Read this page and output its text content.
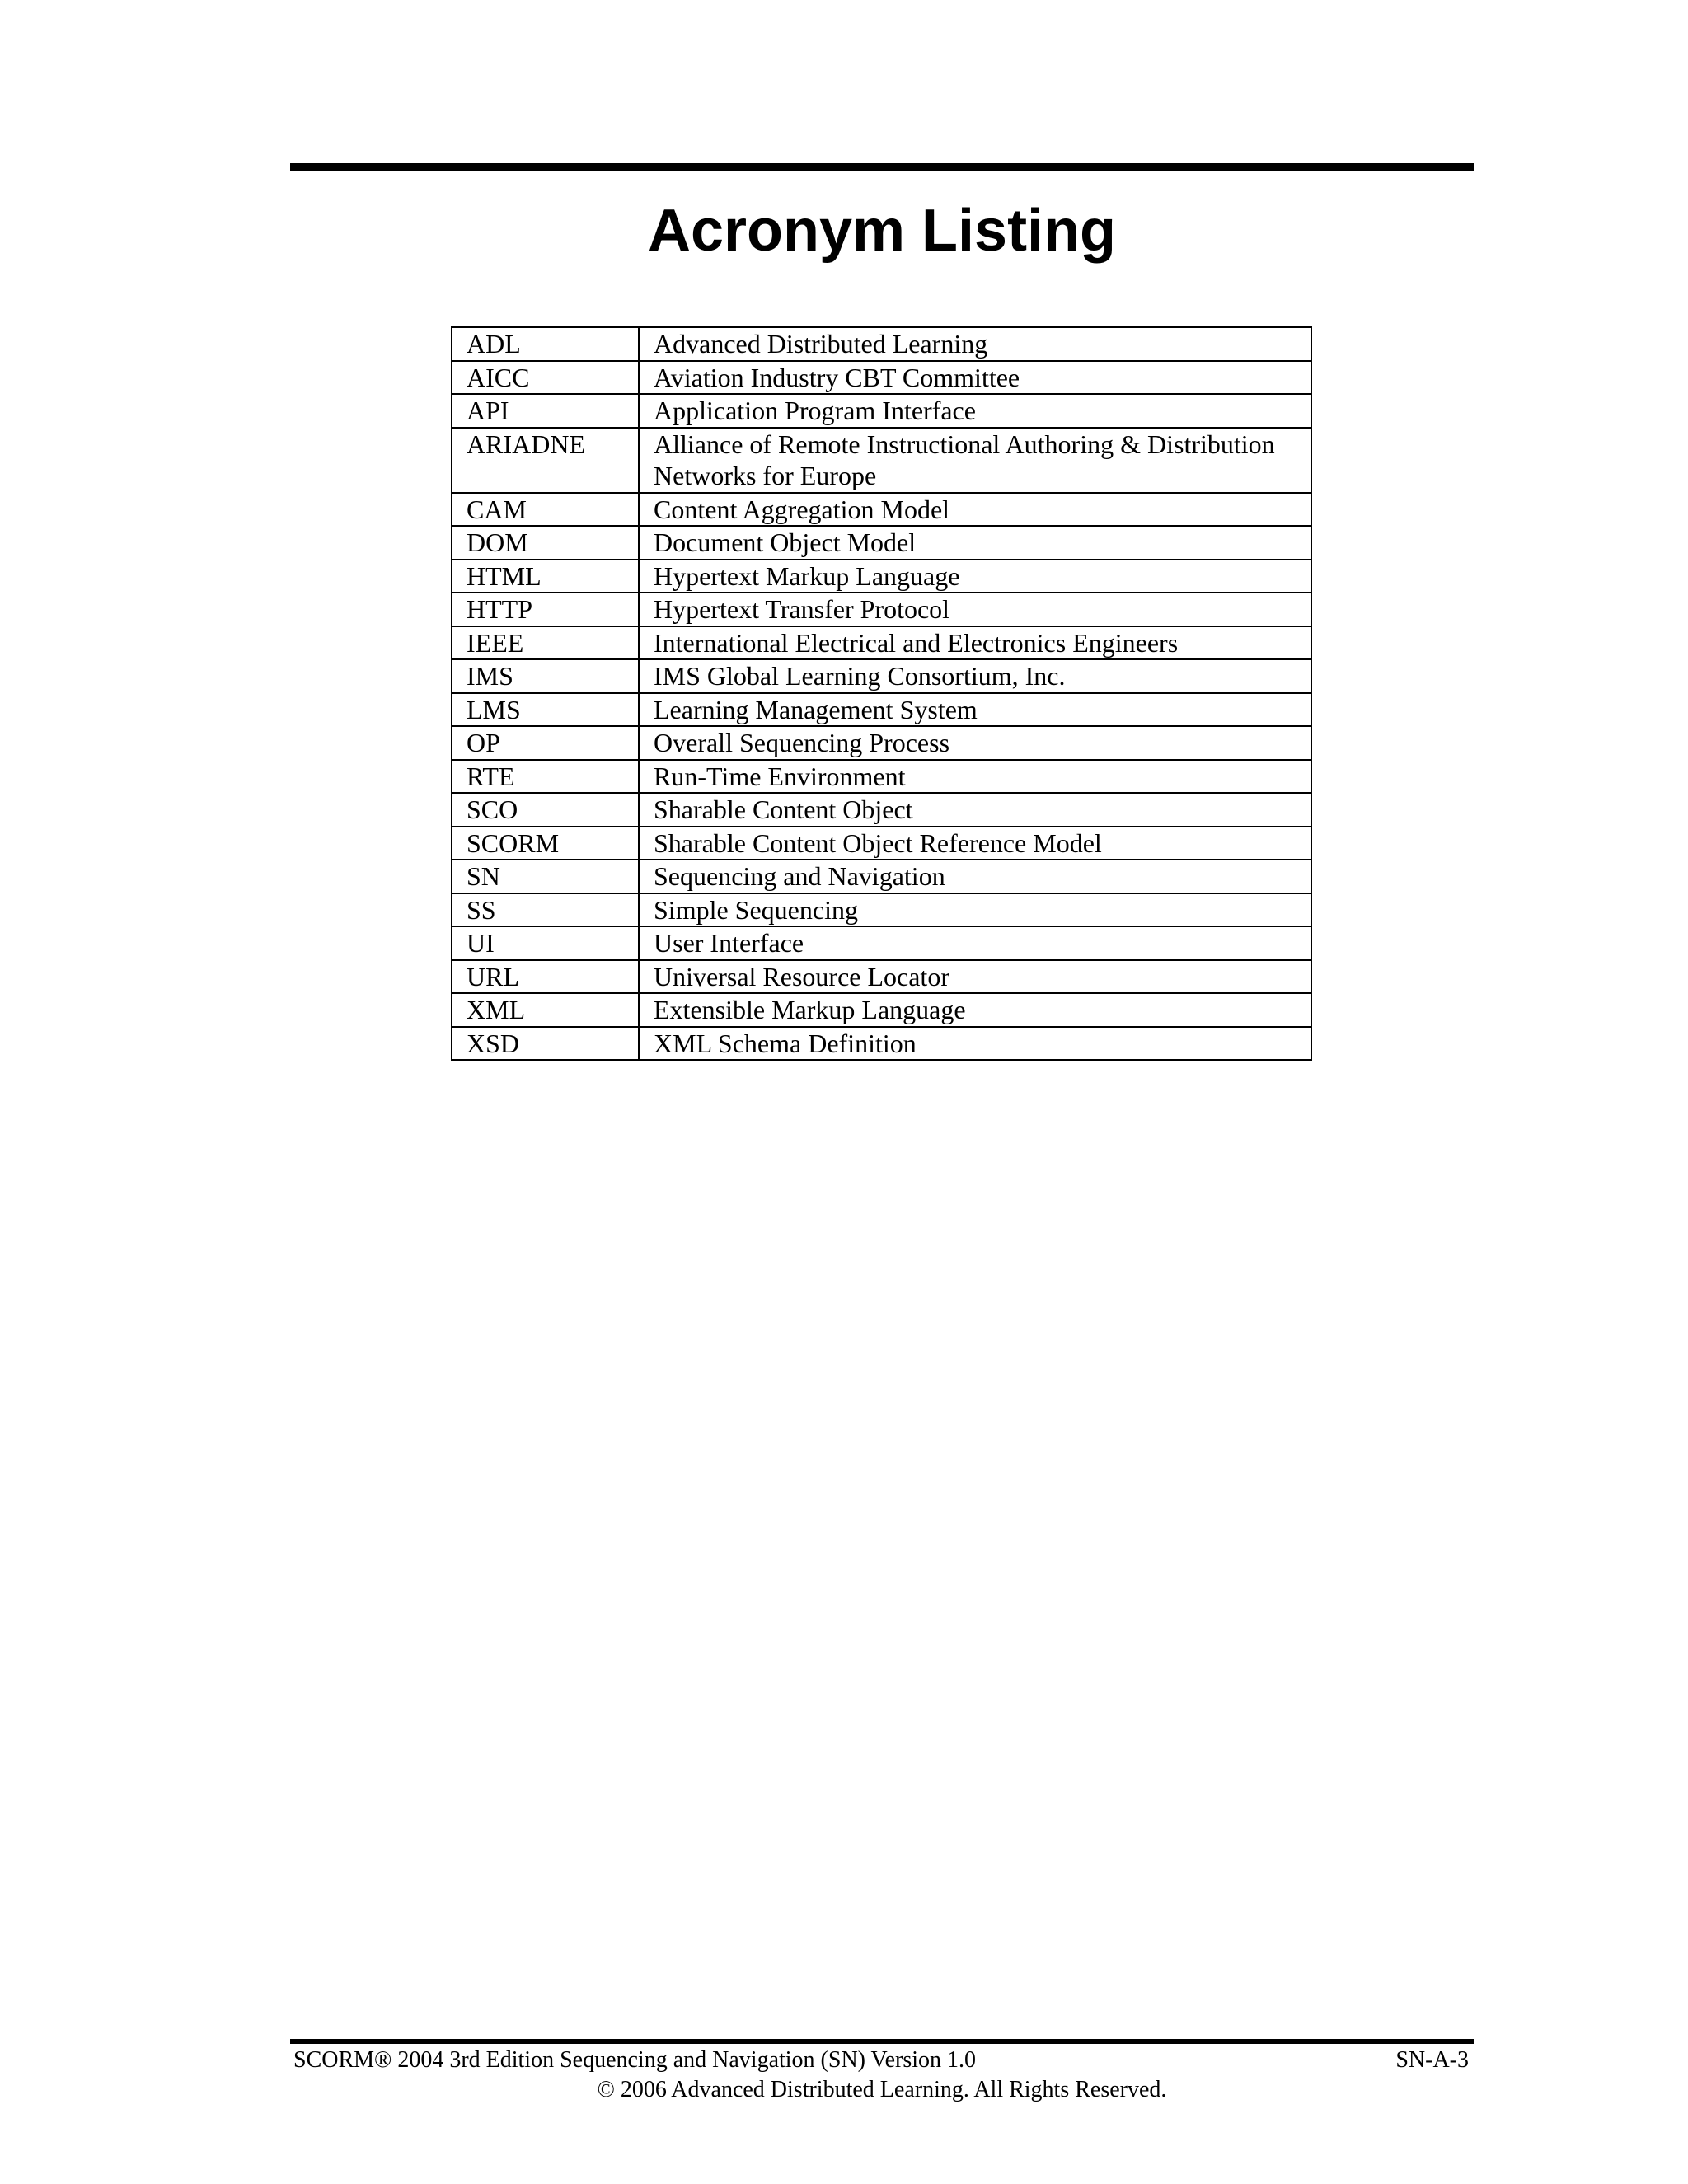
Acronym Listing
ADL	Advanced Distributed Learning
AICC	Aviation Industry CBT Committee
API	Application Program Interface
ARIADNE	Alliance of Remote Instructional Authoring & Distribution Networks for Europe
CAM	Content Aggregation Model
DOM	Document Object Model
HTML	Hypertext Markup Language
HTTP	Hypertext Transfer Protocol
IEEE	International Electrical and Electronics Engineers
IMS	IMS Global Learning Consortium, Inc.
LMS	Learning Management System
OP	Overall Sequencing Process
RTE	Run-Time Environment
SCO	Sharable Content Object
SCORM	Sharable Content Object Reference Model
SN	Sequencing and Navigation
SS	Simple Sequencing
UI	User Interface
URL	Universal Resource Locator
XML	Extensible Markup Language
XSD	XML Schema Definition
SCORM® 2004 3rd Edition Sequencing and Navigation (SN) Version 1.0	SN-A-3
© 2006 Advanced Distributed Learning. All Rights Reserved.
